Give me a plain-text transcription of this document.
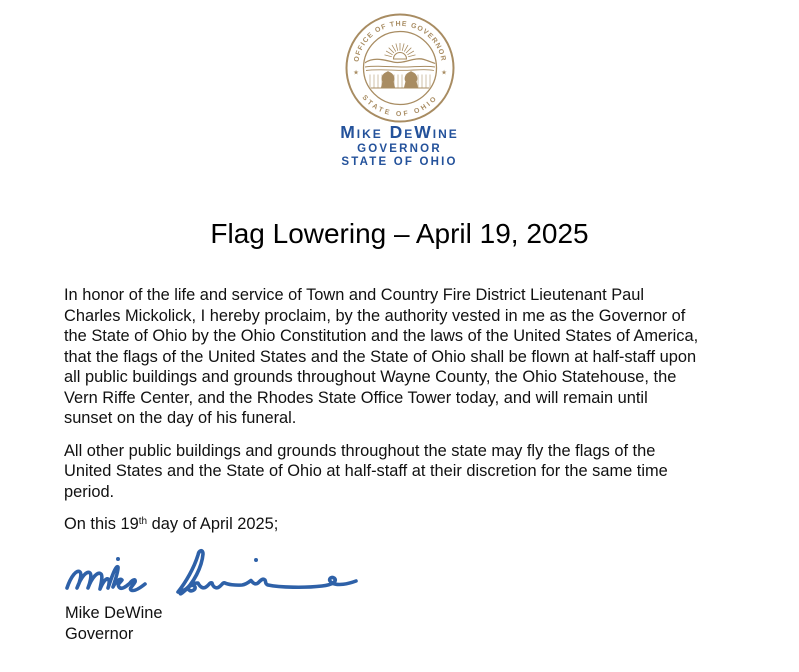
OFFICE OF THE GOVERNOR
STATE OF OHIO
★	★
Mike DeWine
GOVERNOR
STATE OF OHIO
Flag Lowering – April 19, 2025
In honor of the life and service of Town and Country Fire District Lieutenant Paul
Charles Mickolick, I hereby proclaim, by the authority vested in me as the Governor of
the State of Ohio by the Ohio Constitution and the laws of the United States of America,
that the flags of the United States and the State of Ohio shall be flown at half-staff upon
all public buildings and grounds throughout Wayne County, the Ohio Statehouse, the
Vern Riffe Center, and the Rhodes State Office Tower today, and will remain until
sunset on the day of his funeral.
All other public buildings and grounds throughout the state may fly the flags of the
United States and the State of Ohio at half-staff at their discretion for the same time
period.
On this 19th day of April 2025;
Mike DeWine
Governor
